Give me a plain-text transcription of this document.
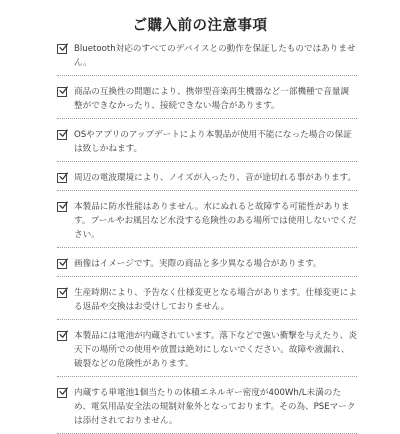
ご購入前の注意事項
Bluetooth対応のすべてのデバイスとの動作を保証したものではありません。
商品の互換性の問題により、携帯型音楽再生機器など一部機種で音量調整ができなかったり、接続できない場合があります。
OSやアプリのアップデートにより本製品が使用不能になった場合の保証は致しかねます。
周辺の電波環境により、ノイズが入ったり、音が途切れる事があります。
本製品に防水性能はありません。水にぬれると故障する可能性があります。プールやお風呂など水没する危険性のある場所では使用しないでください。
画像はイメージです。実際の商品と多少異なる場合があります。
生産時期により、予告なく仕様変更となる場合があります。仕様変更による返品や交換はお受けしておりません。
本製品には電池が内蔵されています。落下などで強い衝撃を与えたり、炎天下の場所での使用や放置は絶対にしないでください。故障や液漏れ、破裂などの危険性があります。
内蔵する単電池1個当たりの体積エネルギー密度が400Wh/L未満のため、電気用品安全法の規制対象外となっております。その為、PSEマークは添付されておりません。
